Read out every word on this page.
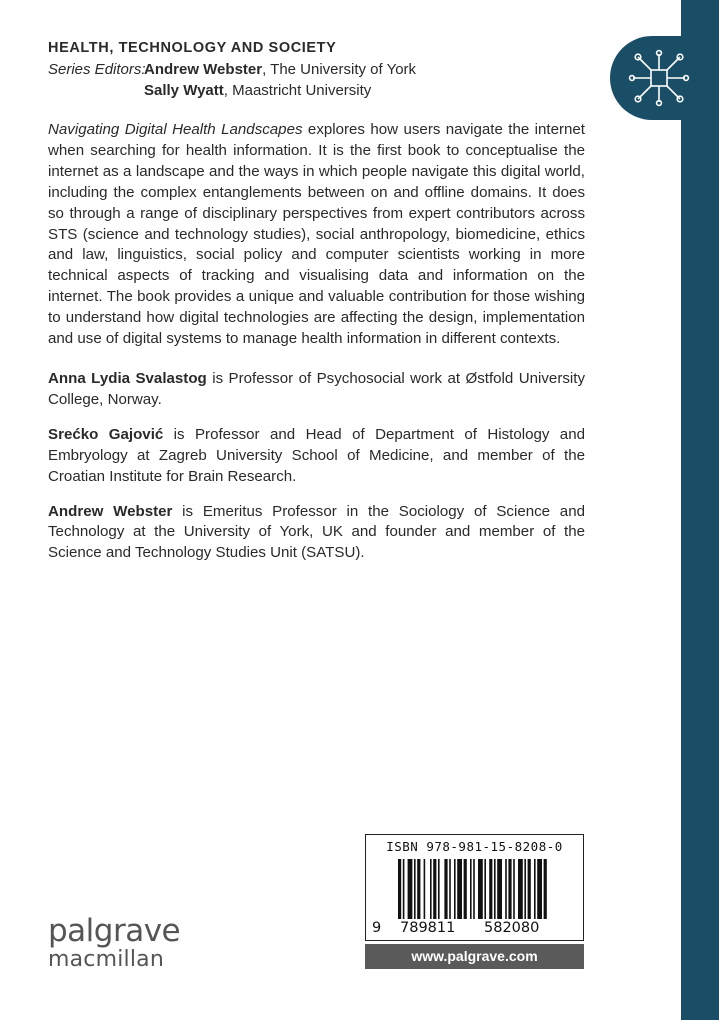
HEALTH, TECHNOLOGY AND SOCIETY
Series Editors:Andrew Webster, The University of York
Sally Wyatt, Maastricht University

Navigating Digital Health Landscapes explores how users navigate the internet when searching for health information. It is the first book to conceptualise the internet as a landscape and the ways in which people navigate this digital world, including the complex entanglements between on and offline domains. It does so through a range of disciplinary perspectives from expert contributors across STS (science and technology studies), social anthropology, biomedicine, ethics and law, linguistics, social policy and computer scientists working in more technical aspects of tracking and visualising data and information on the internet. The book provides a unique and valuable contribution for those wishing to understand how digital technologies are affecting the design, implementation and use of digital systems to manage health information in different contexts.

Anna Lydia Svalastog is Professor of Psychosocial work at Østfold University College, Norway.

Srećko Gajović is Professor and Head of Department of Histology and Embryology at Zagreb University School of Medicine, and member of the Croatian Institute for Brain Research.

Andrew Webster is Emeritus Professor in the Sociology of Science and Technology at the University of York, UK and founder and member of the Science and Technology Studies Unit (SATSU).

ISBN 978-981-15-8208-0
9 789811 582080
www.palgrave.com
palgrave
macmillan
